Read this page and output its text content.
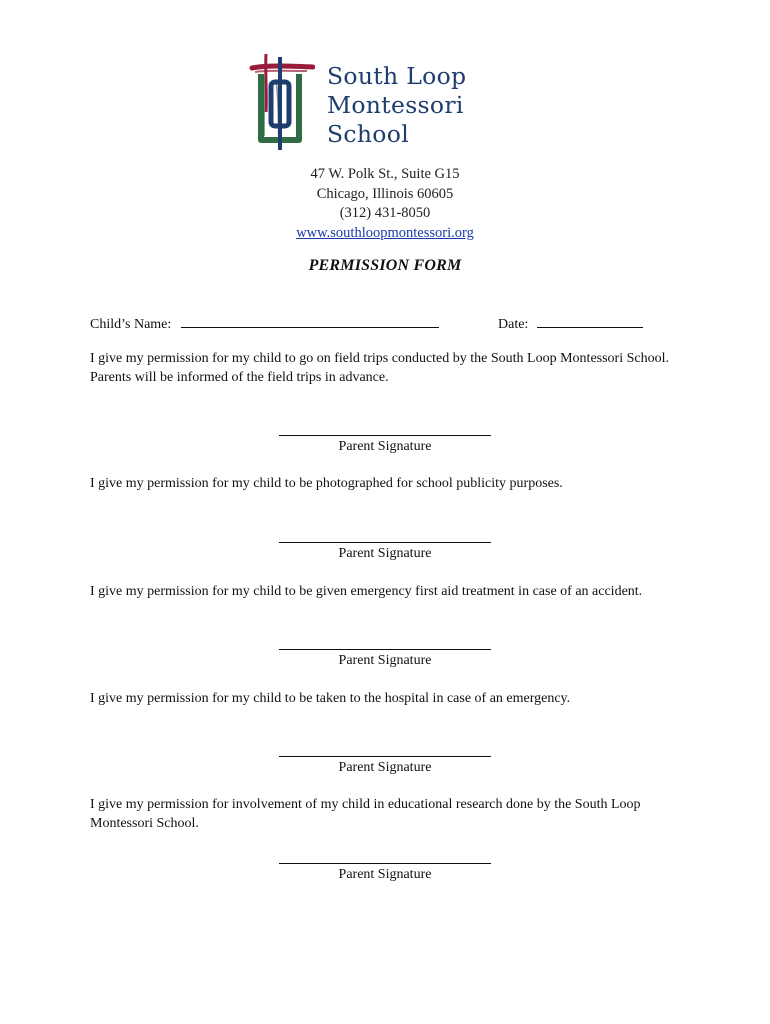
South Loop
Montessori
School
47 W. Polk St., Suite G15
Chicago, Illinois 60605
(312) 431-8050
www.southloopmontessori.org
PERMISSION FORM
Child’s Name:	Date:
I give my permission for my child to go on field trips conducted by the South Loop Montessori School. Parents will be informed of the field trips in advance.
Parent Signature
I give my permission for my child to be photographed for school publicity purposes.
Parent Signature
I give my permission for my child to be given emergency first aid treatment in case of an accident.
Parent Signature
I give my permission for my child to be taken to the hospital in case of an emergency.
Parent Signature
I give my permission for involvement of my child in educational research done by the South Loop Montessori School.
Parent Signature
